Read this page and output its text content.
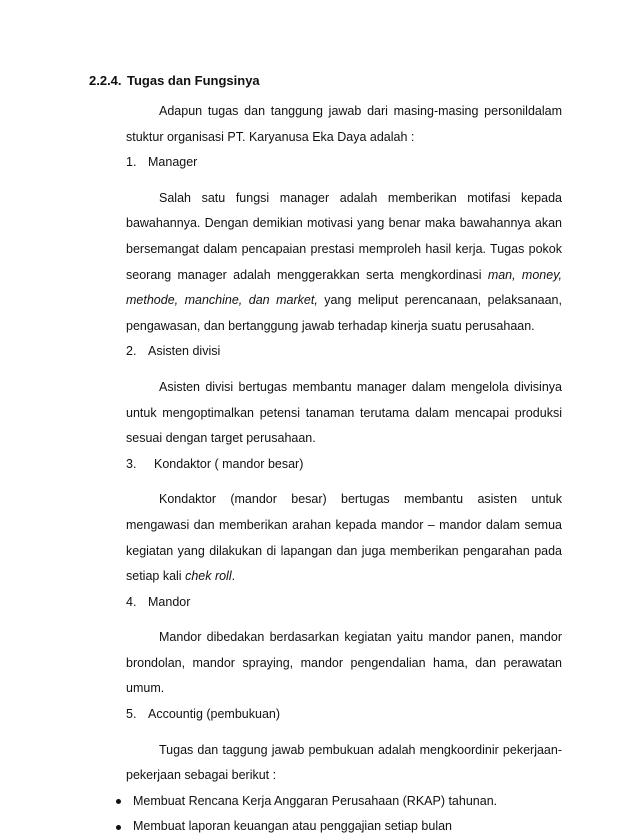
2.2.4. Tugas dan Fungsinya

Adapun tugas dan tanggung jawab dari masing-masing personildalam stuktur organisasi PT. Karyanusa Eka Daya adalah :

1. Manager

Salah satu fungsi manager adalah memberikan motifasi kepada bawahannya. Dengan demikian motivasi yang benar maka bawahannya akan bersemangat dalam pencapaian prestasi memproleh hasil kerja. Tugas pokok seorang manager adalah menggerakkan serta mengkordinasi man, money, methode, manchine, dan market, yang meliput perencanaan, pelaksanaan, pengawasan, dan bertanggung jawab terhadap kinerja suatu perusahaan.

2. Asisten divisi

Asisten divisi bertugas membantu manager dalam mengelola divisinya untuk mengoptimalkan petensi tanaman terutama dalam mencapai produksi sesuai dengan target perusahaan.

3.	Kondaktor ( mandor besar)

Kondaktor (mandor besar) bertugas membantu asisten untuk mengawasi dan memberikan arahan kepada mandor – mandor dalam semua kegiatan yang dilakukan di lapangan dan juga memberikan pengarahan pada setiap kali chek roll.

4. Mandor

Mandor dibedakan berdasarkan kegiatan yaitu mandor panen, mandor brondolan, mandor spraying, mandor pengendalian hama, dan perawatan umum.

5. Accountig (pembukuan)

Tugas dan taggung jawab pembukuan adalah mengkoordinir pekerjaan-pekerjaan sebagai berikut :

Membuat Rencana Kerja Anggaran Perusahaan (RKAP) tahunan.

Membuat laporan keuangan atau penggajian setiap bulan
